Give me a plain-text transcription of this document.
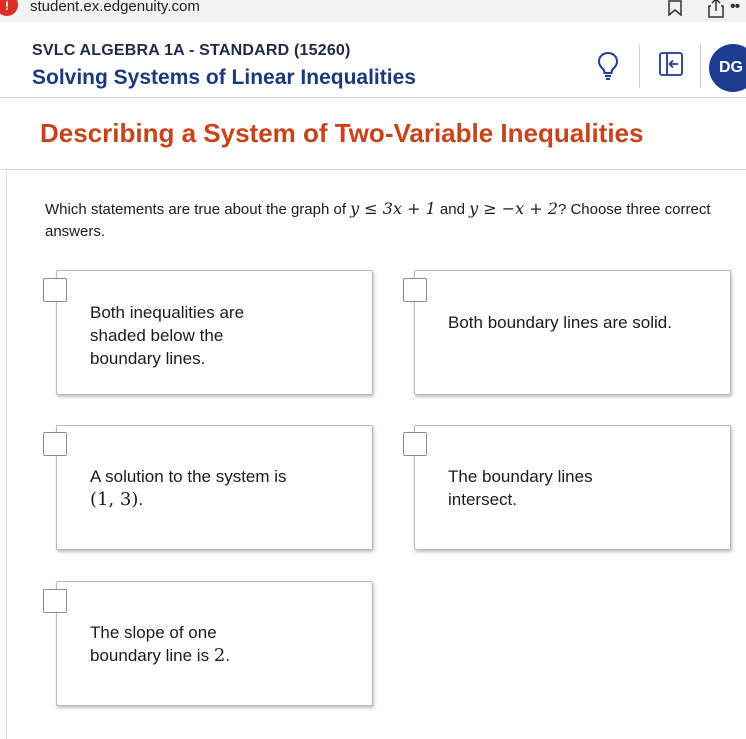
!	student.ex.edgenuity.com	••
SVLC ALGEBRA 1A - STANDARD (15260)
Solving Systems of Linear Inequalities	DG
Describing a System of Two-Variable Inequalities
Which statements are true about the graph of y ≤ 3x + 1 and y ≥ −x + 2? Choose three correct answers.
Both inequalities are shaded below the boundary lines.
Both boundary lines are solid.
A solution to the system is (1, 3).
The boundary lines intersect.
The slope of one boundary line is 2.
